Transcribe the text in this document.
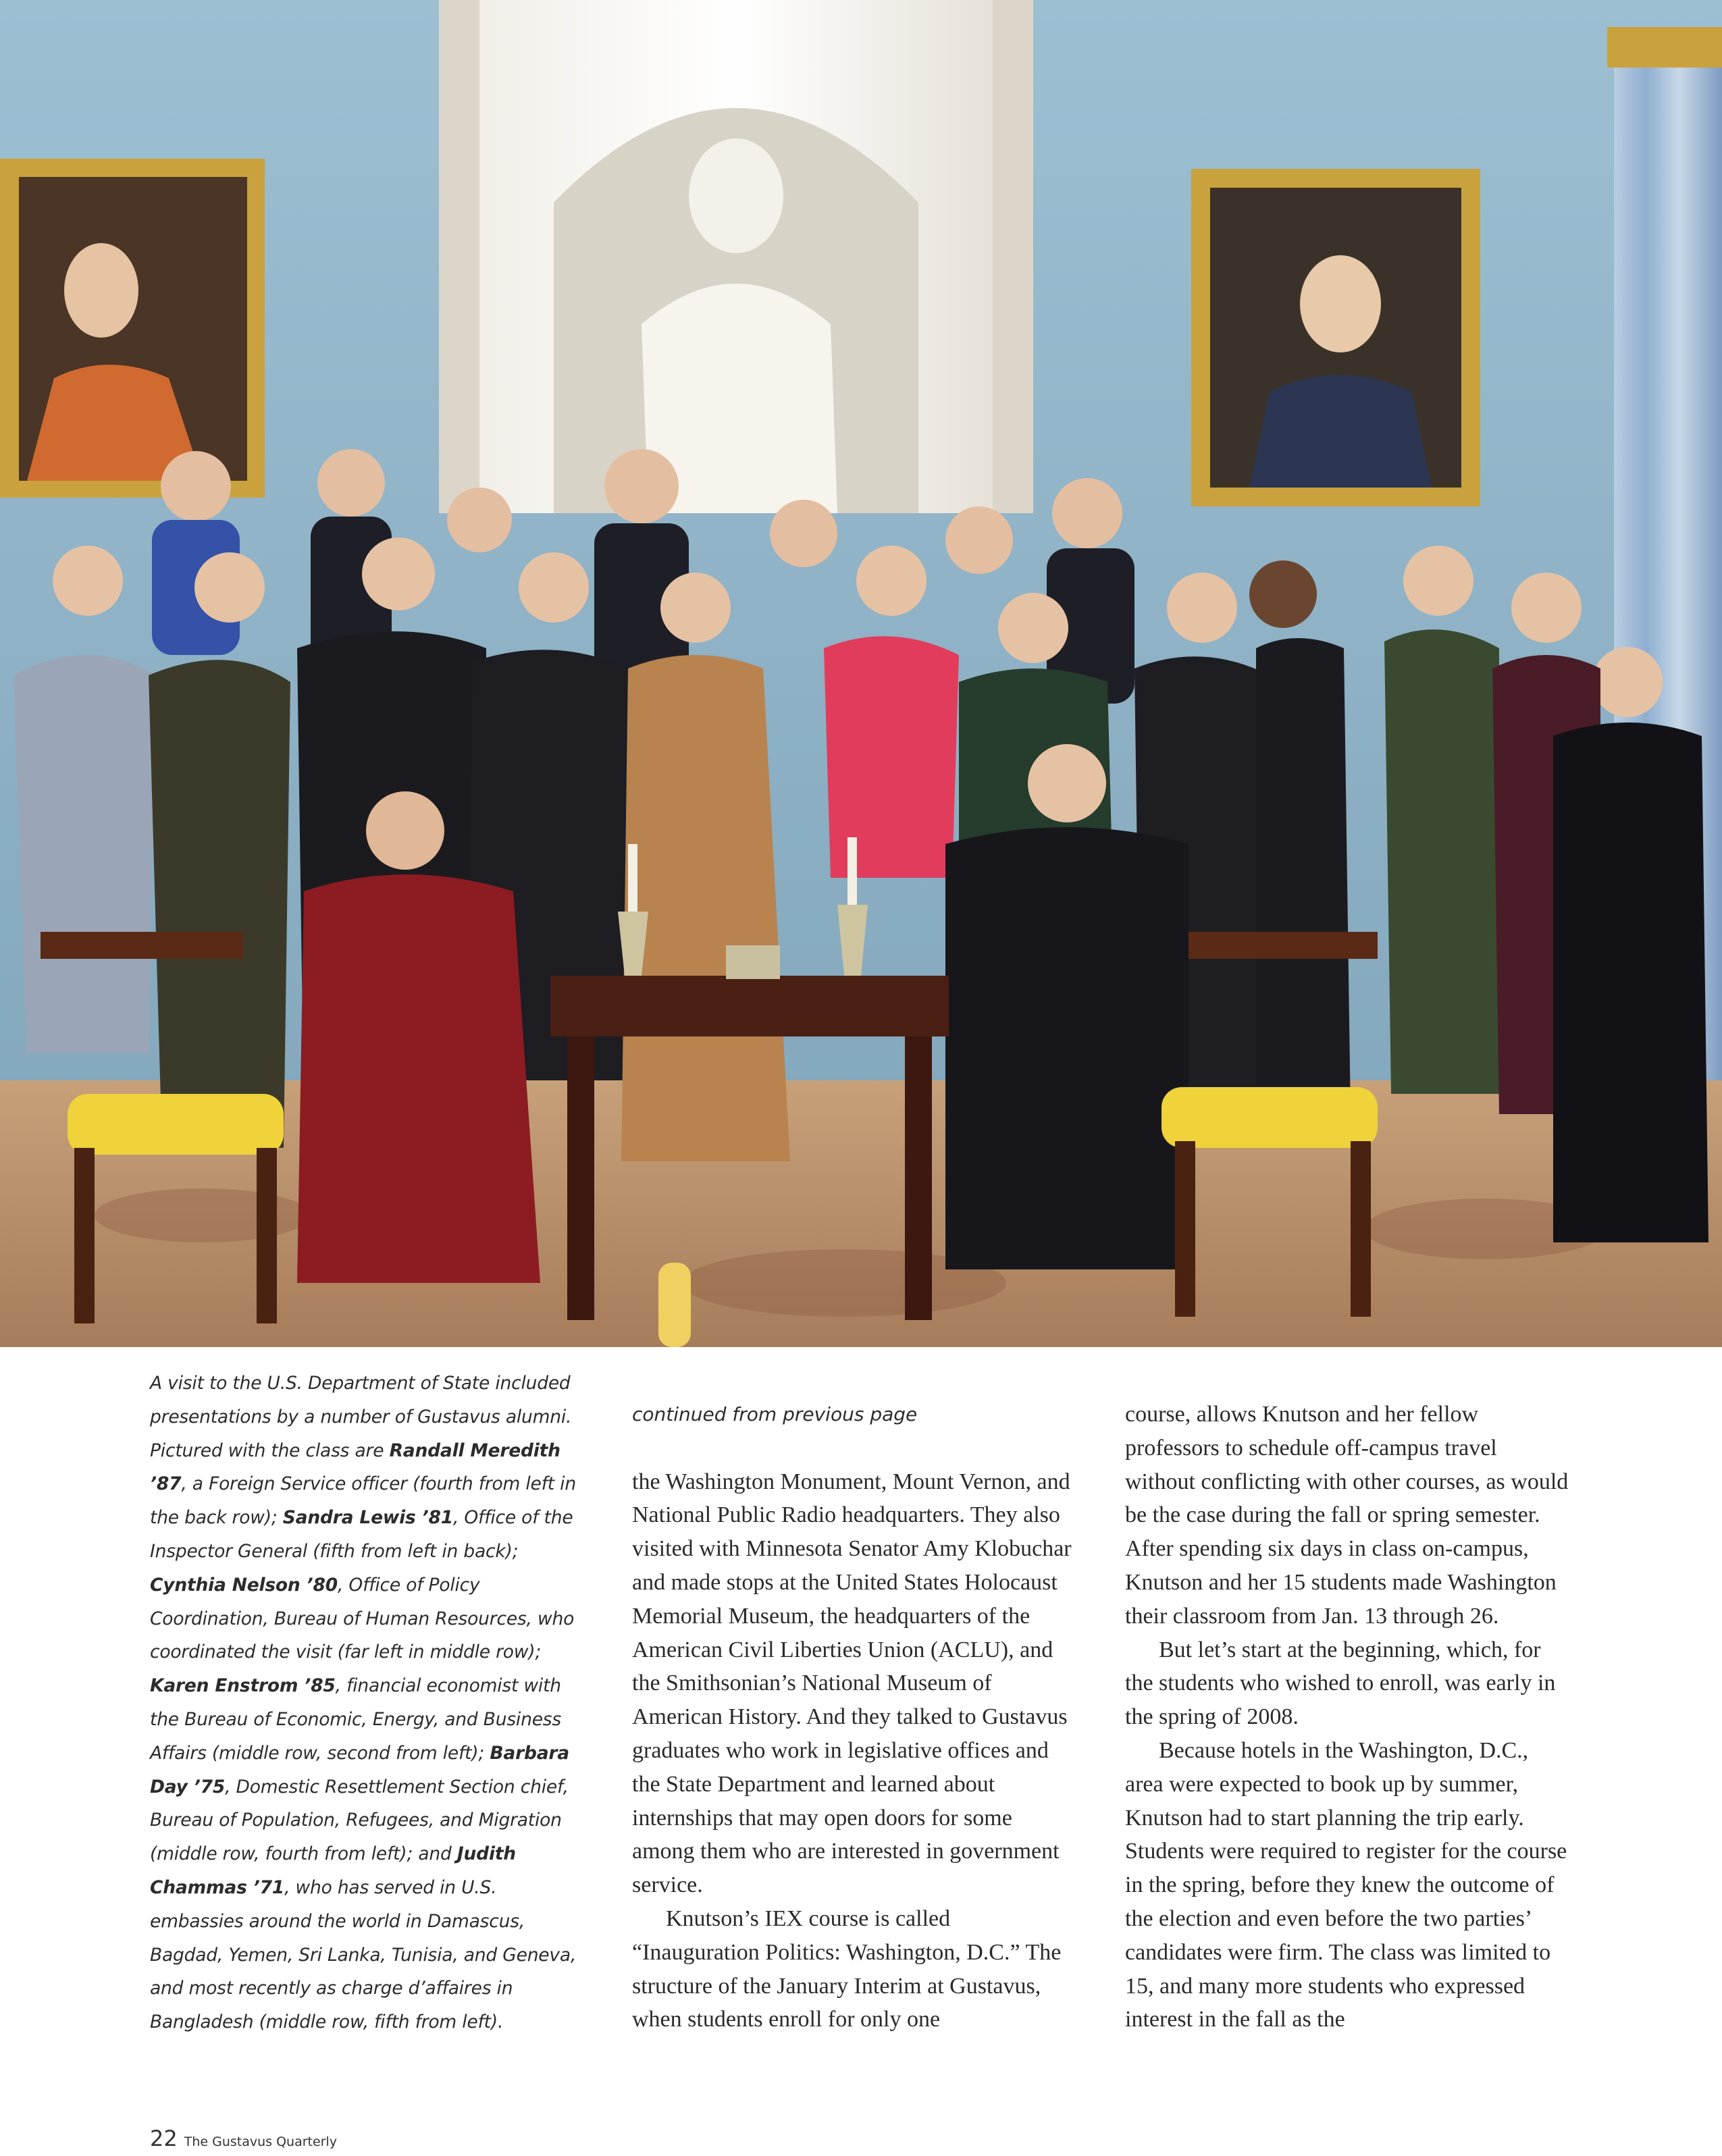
A visit to the U.S. Department of State included presentations by a number of Gustavus alumni. Pictured with the class are Randall Meredith ’87, a Foreign Service officer (fourth from left in the back row); Sandra Lewis ’81, Office of the Inspector General (fifth from left in back); Cynthia Nelson ’80, Office of Policy Coordination, Bureau of Human Resources, who coordinated the visit (far left in middle row); Karen Enstrom ’85, financial economist with the Bureau of Economic, Energy, and Business Affairs (middle row, second from left); Barbara Day ’75, Domestic Resettlement Section chief, Bureau of Population, Refugees, and Migration (middle row, fourth from left); and Judith Chammas ’71, who has served in U.S. embassies around the world in Damascus, Bagdad, Yemen, Sri Lanka, Tunisia, and Geneva, and most recently as charge d’affaires in Bangladesh (middle row, fifth from left).

continued from previous page

the Washington Monument, Mount Vernon, and National Public Radio headquarters. They also visited with Minnesota Senator Amy Klobuchar and made stops at the United States Holocaust Memorial Museum, the headquarters of the American Civil Liberties Union (ACLU), and the Smithsonian’s National Museum of American History. And they talked to Gustavus graduates who work in legislative offices and the State Department and learned about internships that may open doors for some among them who are interested in government service.

Knutson’s IEX course is called “Inauguration Politics: Washington, D.C.” The structure of the January Interim at Gustavus, when students enroll for only one

course, allows Knutson and her fellow professors to schedule off-campus travel without conflicting with other courses, as would be the case during the fall or spring semester. After spending six days in class on-campus, Knutson and her 15 students made Washington their classroom from Jan. 13 through 26.

But let’s start at the beginning, which, for the students who wished to enroll, was early in the spring of 2008.

Because hotels in the Washington, D.C., area were expected to book up by summer, Knutson had to start planning the trip early. Students were required to register for the course in the spring, before they knew the outcome of the election and even before the two parties’ candidates were firm. The class was limited to 15, and many more students who expressed interest in the fall as the

22 The Gustavus Quarterly
